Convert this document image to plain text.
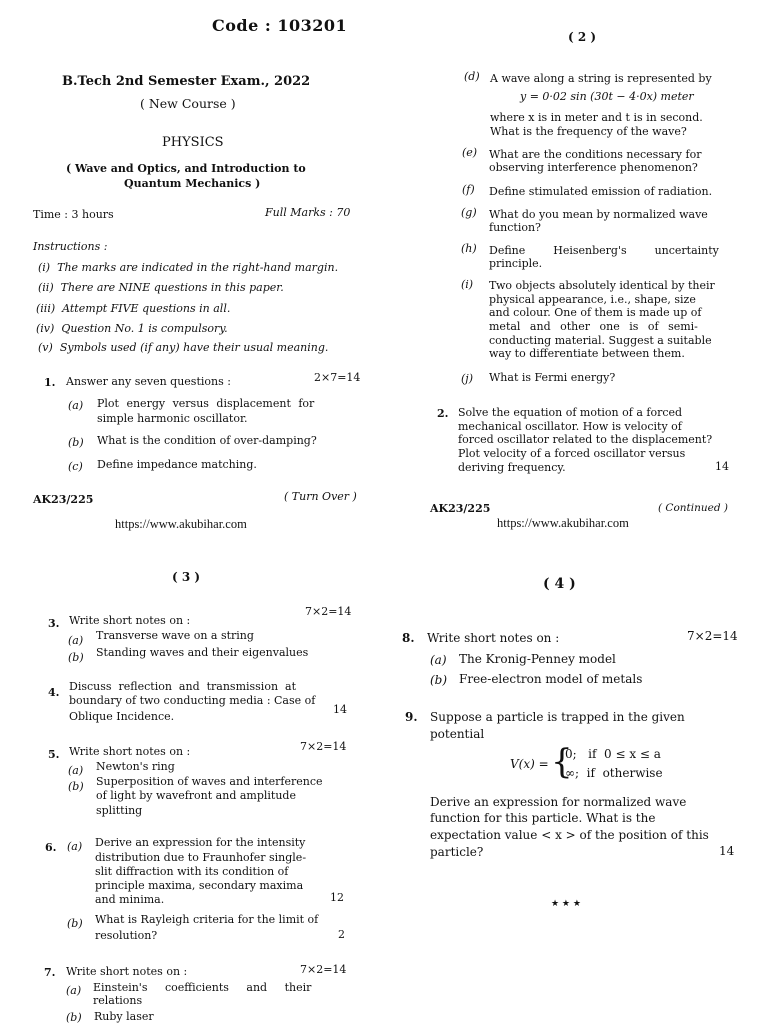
Code : 103201
B.Tech 2nd Semester Exam., 2022
( New Course )
PHYSICS
( Wave and Optics, and Introduction to
Quantum Mechanics )
Time : 3 hours	Full Marks : 70
Instructions :
(i) The marks are indicated in the right-hand margin.
(ii) There are NINE questions in this paper.
(iii) Attempt FIVE questions in all.
(iv) Question No. 1 is compulsory.
(v) Symbols used (if any) have their usual meaning.
1. Answer any seven questions :	2×7=14
(a) Plot energy versus displacement for
simple harmonic oscillator.
(b) What is the condition of over-damping?
(c) Define impedance matching.
AK23/225	( Turn Over )
https://www.akubihar.com
( 2 )
(d) A wave along a string is represented by
y = 0·02 sin (30t − 4·0x) meter
where x is in meter and t is in second.
What is the frequency of the wave?
(e) What are the conditions necessary for
observing interference phenomenon?
(f) Define stimulated emission of radiation.
(g) What do you mean by normalized wave
function?
(h) Define        Heisenberg's        uncertainty
principle.
(i) Two objects absolutely identical by their
physical appearance, i.e., shape, size
and colour. One of them is made up of
metal and other one is of semi-
conducting material. Suggest a suitable
way to differentiate between them.
(j) What is Fermi energy?
2. Solve the equation of motion of a forced
mechanical oscillator. How is velocity of
forced oscillator related to the displacement?
Plot velocity of a forced oscillator versus
deriving frequency.	14
AK23/225	( Continued )
https://www.akubihar.com
( 3 )
3. Write short notes on :
7×2=14
(a) Transverse wave on a string
(b) Standing waves and their eigenvalues
4. Discuss  reflection  and  transmission  at
boundary of two conducting media : Case of
Oblique Incidence.
14
5. Write short notes on :	7×2=14
(a) Newton's ring
(b) Superposition of waves and interference
of light by wavefront and amplitude
splitting
6. (a) Derive an expression for the intensity
distribution due to Fraunhofer single-
slit diffraction with its condition of
principle maxima, secondary maxima
and minima.	12
(b) What is Rayleigh criteria for the limit of
resolution?	2
7. Write short notes on :	7×2=14
(a) Einstein's     coefficients     and     their
relations
(b) Ruby laser
( 4 )
8. Write short notes on :	7×2=14
(a) The Kronig-Penney model
(b) Free-electron model of metals
9. Suppose a particle is trapped in the given
potential
V(x) = {
0;   if  0 ≤ x ≤ a
∞;  if  otherwise
Derive an expression for normalized wave
function for this particle. What is the
expectation value < x > of the position of this
particle?	14
★ ★ ★
